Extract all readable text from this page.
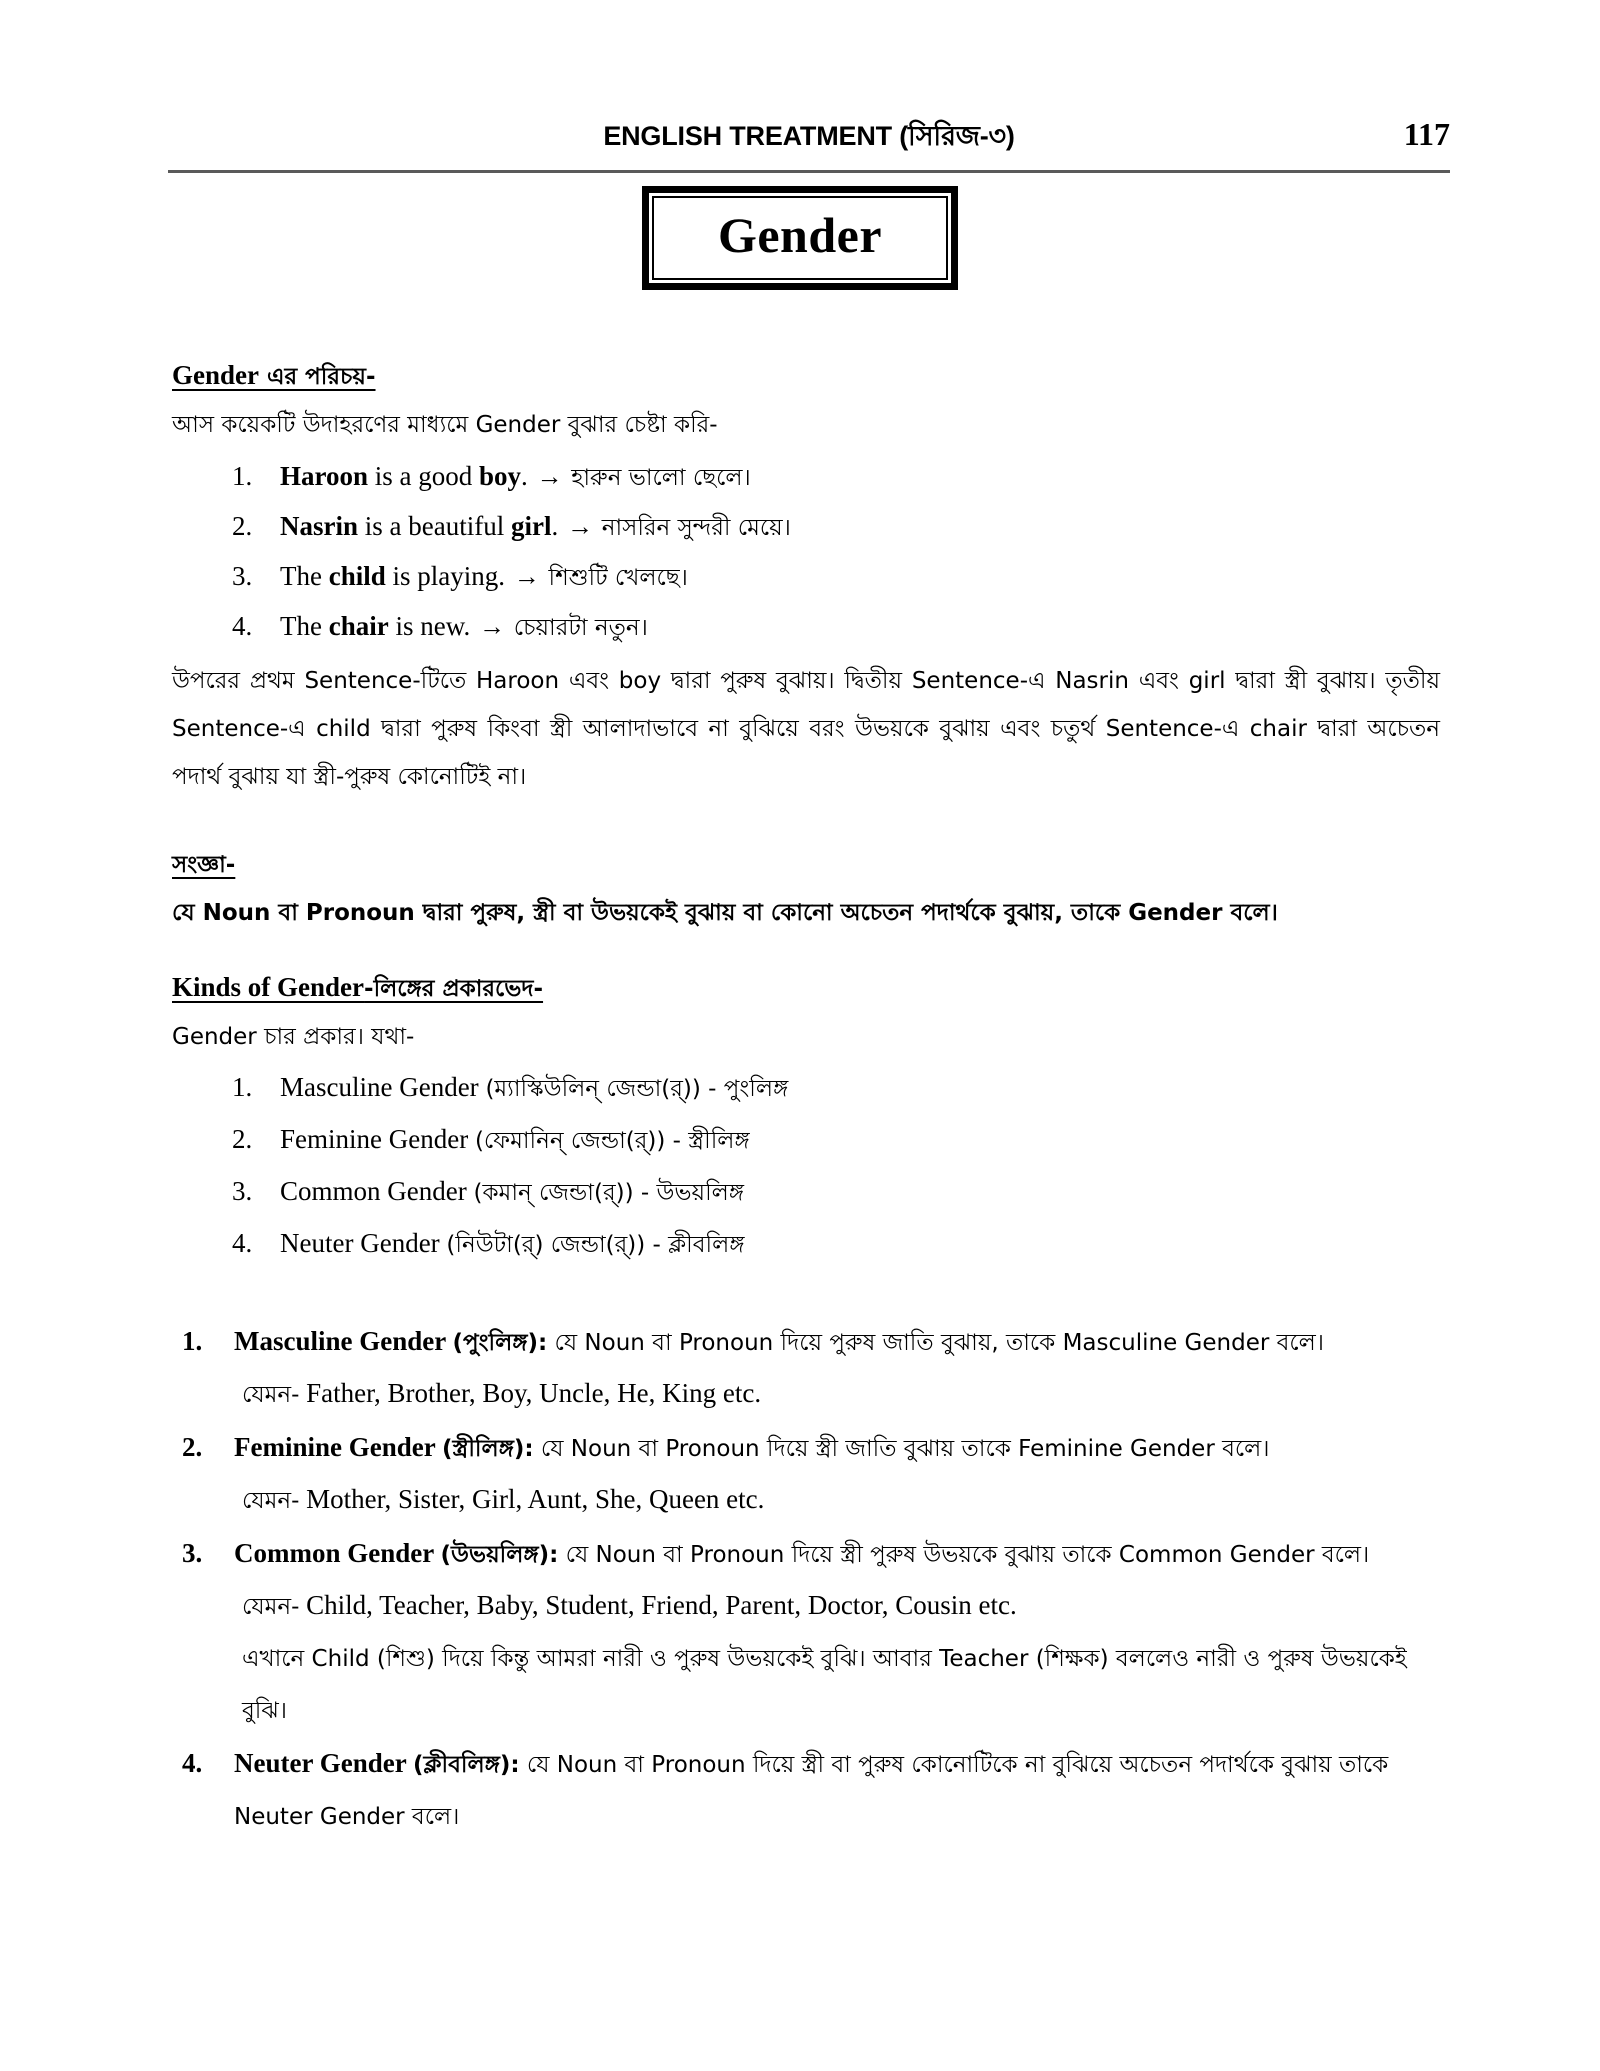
ENGLISH TREATMENT (সিরিজ-৩)	117
Gender
Gender এর পরিচয়-

আস কয়েকটি উদাহরণের মাধ্যমে Gender বুঝার চেষ্টা করি-

1.	Haroon is a good boy. → হারুন ভালো ছেলে।
2.	Nasrin is a beautiful girl. → নাসরিন সুন্দরী মেয়ে।
3.	The child is playing. → শিশুটি খেলছে।
4.	The chair is new. → চেয়ারটা নতুন।

উপরের প্রথম Sentence-টিতে Haroon এবং boy দ্বারা পুরুষ বুঝায়। দ্বিতীয় Sentence-এ Nasrin এবং girl দ্বারা স্ত্রী বুঝায়। তৃতীয় Sentence-এ child দ্বারা পুরুষ কিংবা স্ত্রী আলাদাভাবে না বুঝিয়ে বরং উভয়কে বুঝায় এবং চতুর্থ Sentence-এ chair দ্বারা অচেতন পদার্থ বুঝায় যা স্ত্রী-পুরুষ কোনোটিই না।

সংজ্ঞা-

যে Noun বা Pronoun দ্বারা পুরুষ, স্ত্রী বা উভয়কেই বুঝায় বা কোনো অচেতন পদার্থকে বুঝায়, তাকে Gender বলে।

Kinds of Gender-লিঙ্গের প্রকারভেদ-

Gender চার প্রকার। যথা-

1.	Masculine Gender (ম্যাস্কিউলিন্ জেন্ডা(র্)) - পুংলিঙ্গ
2.	Feminine Gender (ফেমানিন্ জেন্ডা(র্)) - স্ত্রীলিঙ্গ
3.	Common Gender (কমান্ জেন্ডা(র্)) - উভয়লিঙ্গ
4.	Neuter Gender (নিউটা(র্) জেন্ডা(র্)) - ক্লীবলিঙ্গ
1. Masculine Gender (পুংলিঙ্গ): যে Noun বা Pronoun দিয়ে পুরুষ জাতি বুঝায়, তাকে Masculine Gender বলে।
যেমন- Father, Brother, Boy, Uncle, He, King etc.
2. Feminine Gender (স্ত্রীলিঙ্গ): যে Noun বা Pronoun দিয়ে স্ত্রী জাতি বুঝায় তাকে Feminine Gender বলে।
যেমন- Mother, Sister, Girl, Aunt, She, Queen etc.
3. Common Gender (উভয়লিঙ্গ): যে Noun বা Pronoun দিয়ে স্ত্রী পুরুষ উভয়কে বুঝায় তাকে Common Gender বলে।
যেমন- Child, Teacher, Baby, Student, Friend, Parent, Doctor, Cousin etc.
এখানে Child (শিশু) দিয়ে কিন্তু আমরা নারী ও পুরুষ উভয়কেই বুঝি। আবার Teacher (শিক্ষক) বললেও নারী ও পুরুষ উভয়কেই বুঝি।
4. Neuter Gender (ক্লীবলিঙ্গ): যে Noun বা Pronoun দিয়ে স্ত্রী বা পুরুষ কোনোটিকে না বুঝিয়ে অচেতন পদার্থকে বুঝায় তাকে Neuter Gender বলে।
